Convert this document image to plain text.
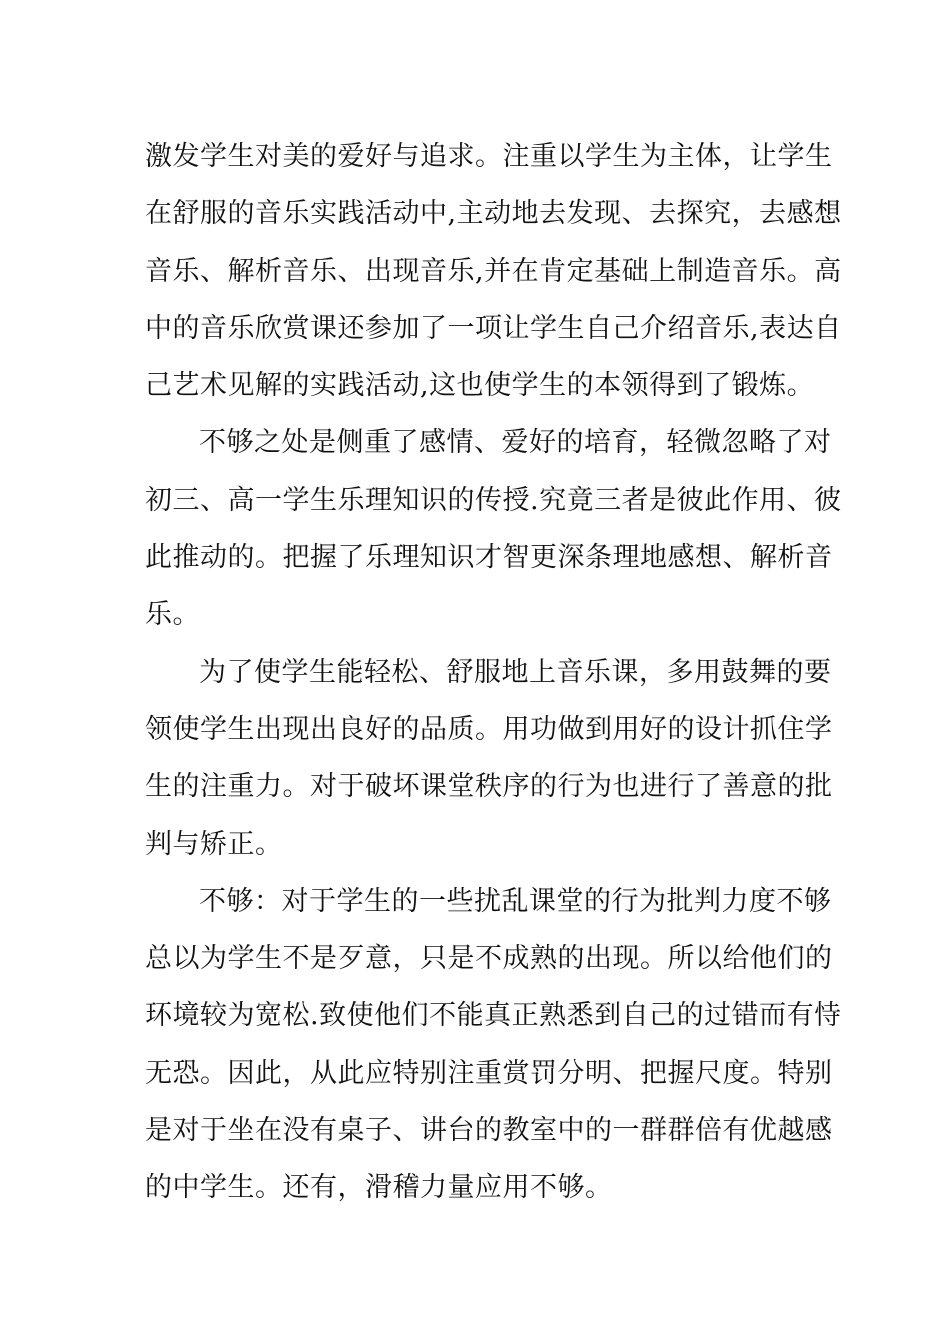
激发学生对美的爱好与追求。注重以学生为主体，让学生
在舒服的音乐实践活动中,主动地去发现、去探究，去感想
音乐、解析音乐、出现音乐,并在肯定基础上制造音乐。高
中的音乐欣赏课还参加了一项让学生自己介绍音乐,表达自
己艺术见解的实践活动,这也使学生的本领得到了锻炼。
不够之处是侧重了感情、爱好的培育，轻微忽略了对
初三、高一学生乐理知识的传授.究竟三者是彼此作用、彼
此推动的。把握了乐理知识才智更深条理地感想、解析音
乐。
为了使学生能轻松、舒服地上音乐课，多用鼓舞的要
领使学生出现出良好的品质。用功做到用好的设计抓住学
生的注重力。对于破坏课堂秩序的行为也进行了善意的批
判与矫正。
不够：对于学生的一些扰乱课堂的行为批判力度不够
总以为学生不是歹意，只是不成熟的出现。所以给他们的
环境较为宽松.致使他们不能真正熟悉到自己的过错而有恃
无恐。因此，从此应特别注重赏罚分明、把握尺度。特别
是对于坐在没有桌子、讲台的教室中的一群群倍有优越感
的中学生。还有，滑稽力量应用不够。
